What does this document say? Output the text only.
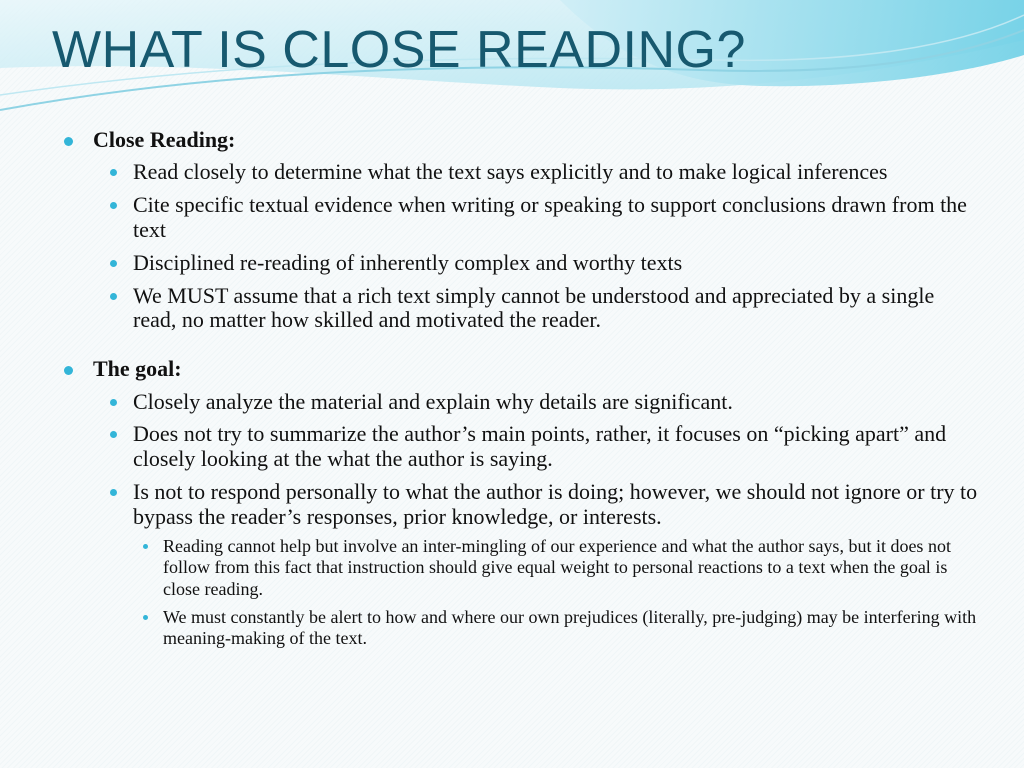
WHAT IS CLOSE READING?
Close Reading:
Read closely to determine what the text says explicitly and to make logical inferences
Cite specific textual evidence when writing or speaking to support conclusions drawn from the text
Disciplined re-reading of inherently complex and worthy texts
We MUST assume that a rich text simply cannot be understood and appreciated by a single read, no matter how skilled and motivated the reader.
The goal:
Closely analyze the material and explain why details are significant.
Does not try to summarize the author’s main points, rather, it focuses on “picking apart” and closely looking at the what the author is saying.
Is not to respond personally to what the author is doing; however, we should not ignore or try to bypass the reader’s responses, prior knowledge, or interests.
Reading cannot help but involve an inter-mingling of our experience and what the author says, but it does not follow from this fact that instruction should give equal weight to personal reactions to a text when the goal is close reading.
We must constantly be alert to how and where our own prejudices (literally, pre-judging) may be interfering with meaning-making of the text.
